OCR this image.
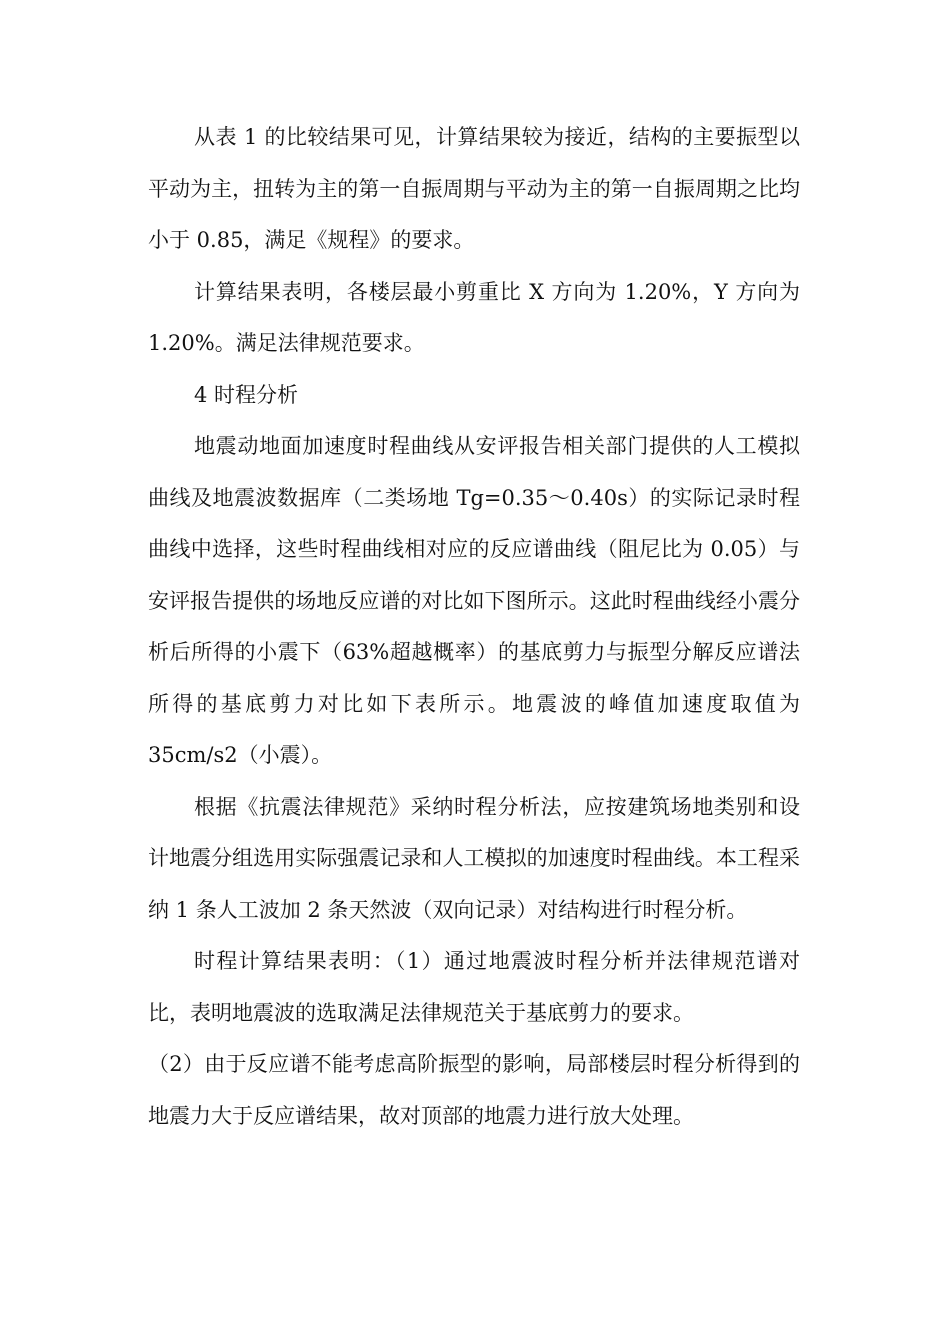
从表 1 的比较结果可见，计算结果较为接近，结构的主要振型以平动为主，扭转为主的第一自振周期与平动为主的第一自振周期之比均小于 0.85，满足《规程》的要求。

计算结果表明，各楼层最小剪重比 X 方向为 1.20%，Y 方向为 1.20%。满足法律规范要求。

4 时程分析

地震动地面加速度时程曲线从安评报告相关部门提供的人工模拟曲线及地震波数据库（二类场地 Tg=0.35～0.40s）的实际记录时程曲线中选择，这些时程曲线相对应的反应谱曲线（阻尼比为 0.05）与安评报告提供的场地反应谱的对比如下图所示。这此时程曲线经小震分析后所得的小震下（63%超越概率）的基底剪力与振型分解反应谱法所得的基底剪力对比如下表所示。地震波的峰值加速度取值为 35cm/s2（小震）。

根据《抗震法律规范》采纳时程分析法，应按建筑场地类别和设计地震分组选用实际强震记录和人工模拟的加速度时程曲线。本工程采纳 1 条人工波加 2 条天然波（双向记录）对结构进行时程分析。

时程计算结果表明：（1）通过地震波时程分析并法律规范谱对比，表明地震波的选取满足法律规范关于基底剪力的要求。

（2）由于反应谱不能考虑高阶振型的影响，局部楼层时程分析得到的地震力大于反应谱结果，故对顶部的地震力进行放大处理。
